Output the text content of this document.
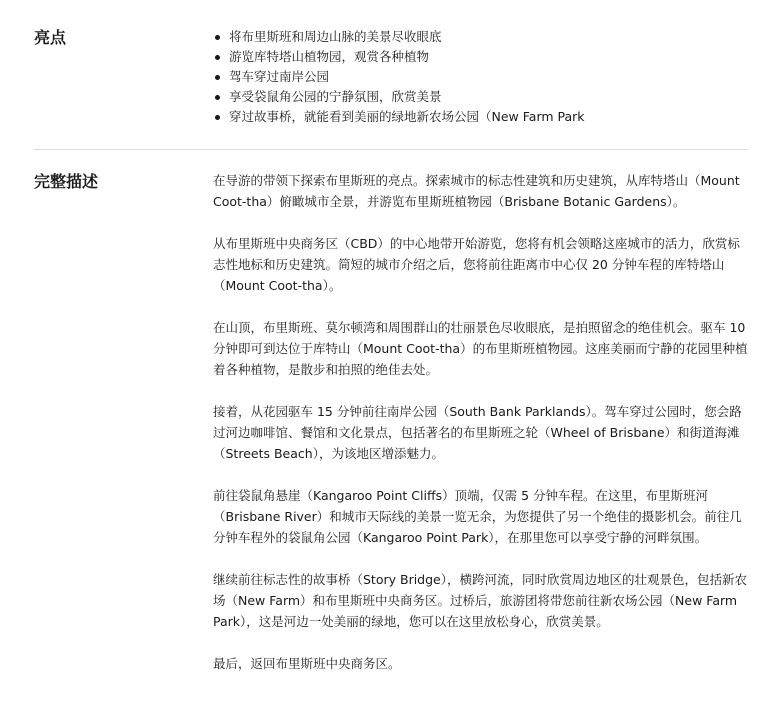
亮点	将布里斯班和周边山脉的美景尽收眼底
游览库特塔山植物园，观赏各种植物
驾车穿过南岸公园
享受袋鼠角公园的宁静氛围，欣赏美景
穿过故事桥，就能看到美丽的绿地新农场公园（New Farm Park
完整描述	在导游的带领下探索布里斯班的亮点。探索城市的标志性建筑和历史建筑，从库特塔山（Mount Coot-tha）俯瞰城市全景，并游览布里斯班植物园（Brisbane Botanic Gardens）。

从布里斯班中央商务区（CBD）的中心地带开始游览，您将有机会领略这座城市的活力，欣赏标志性地标和历史建筑。简短的城市介绍之后，您将前往距离市中心仅 20 分钟车程的库特塔山（Mount Coot-tha）。

在山顶，布里斯班、莫尔顿湾和周围群山的壮丽景色尽收眼底，是拍照留念的绝佳机会。驱车 10 分钟即可到达位于库特山（Mount Coot-tha）的布里斯班植物园。这座美丽而宁静的花园里种植着各种植物，是散步和拍照的绝佳去处。

接着，从花园驱车 15 分钟前往南岸公园（South Bank Parklands）。驾车穿过公园时，您会路过河边咖啡馆、餐馆和文化景点，包括著名的布里斯班之轮（Wheel of Brisbane）和街道海滩（Streets Beach），为该地区增添魅力。

前往袋鼠角悬崖（Kangaroo Point Cliffs）顶端，仅需 5 分钟车程。在这里，布里斯班河（Brisbane River）和城市天际线的美景一览无余，为您提供了另一个绝佳的摄影机会。前往几分钟车程外的袋鼠角公园（Kangaroo Point Park），在那里您可以享受宁静的河畔氛围。

继续前往标志性的故事桥（Story Bridge），横跨河流，同时欣赏周边地区的壮观景色，包括新农场（New Farm）和布里斯班中央商务区。过桥后，旅游团将带您前往新农场公园（New Farm Park），这是河边一处美丽的绿地，您可以在这里放松身心，欣赏美景。

最后，返回布里斯班中央商务区。
